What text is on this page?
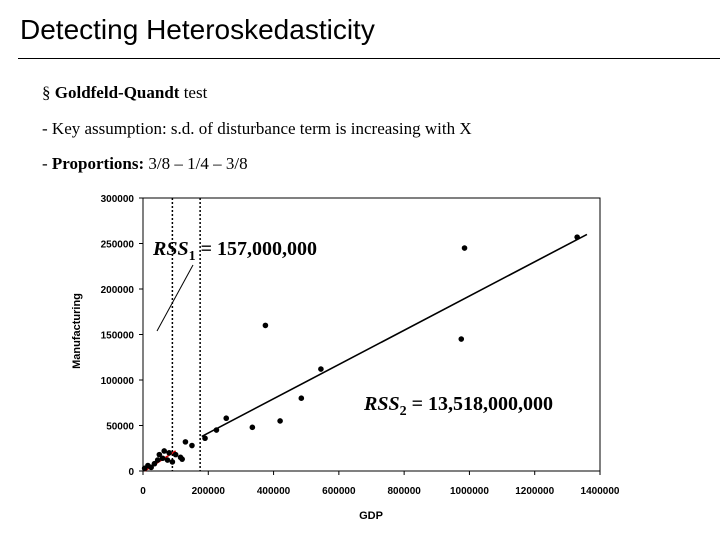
Detecting Heteroskedasticity
§ Goldfeld-Quandt test
- Key assumption: s.d. of disturbance term is increasing with X
- Proportions: 3/8 – 1/4 – 3/8
0
50000
100000
150000
200000
250000
300000
0	200000	400000	600000	800000	1000000	1200000	1400000
$RSS_1 = 157,000,000$
$RSS_2 = 13,518,000,000$
GDP
Manufacturing
